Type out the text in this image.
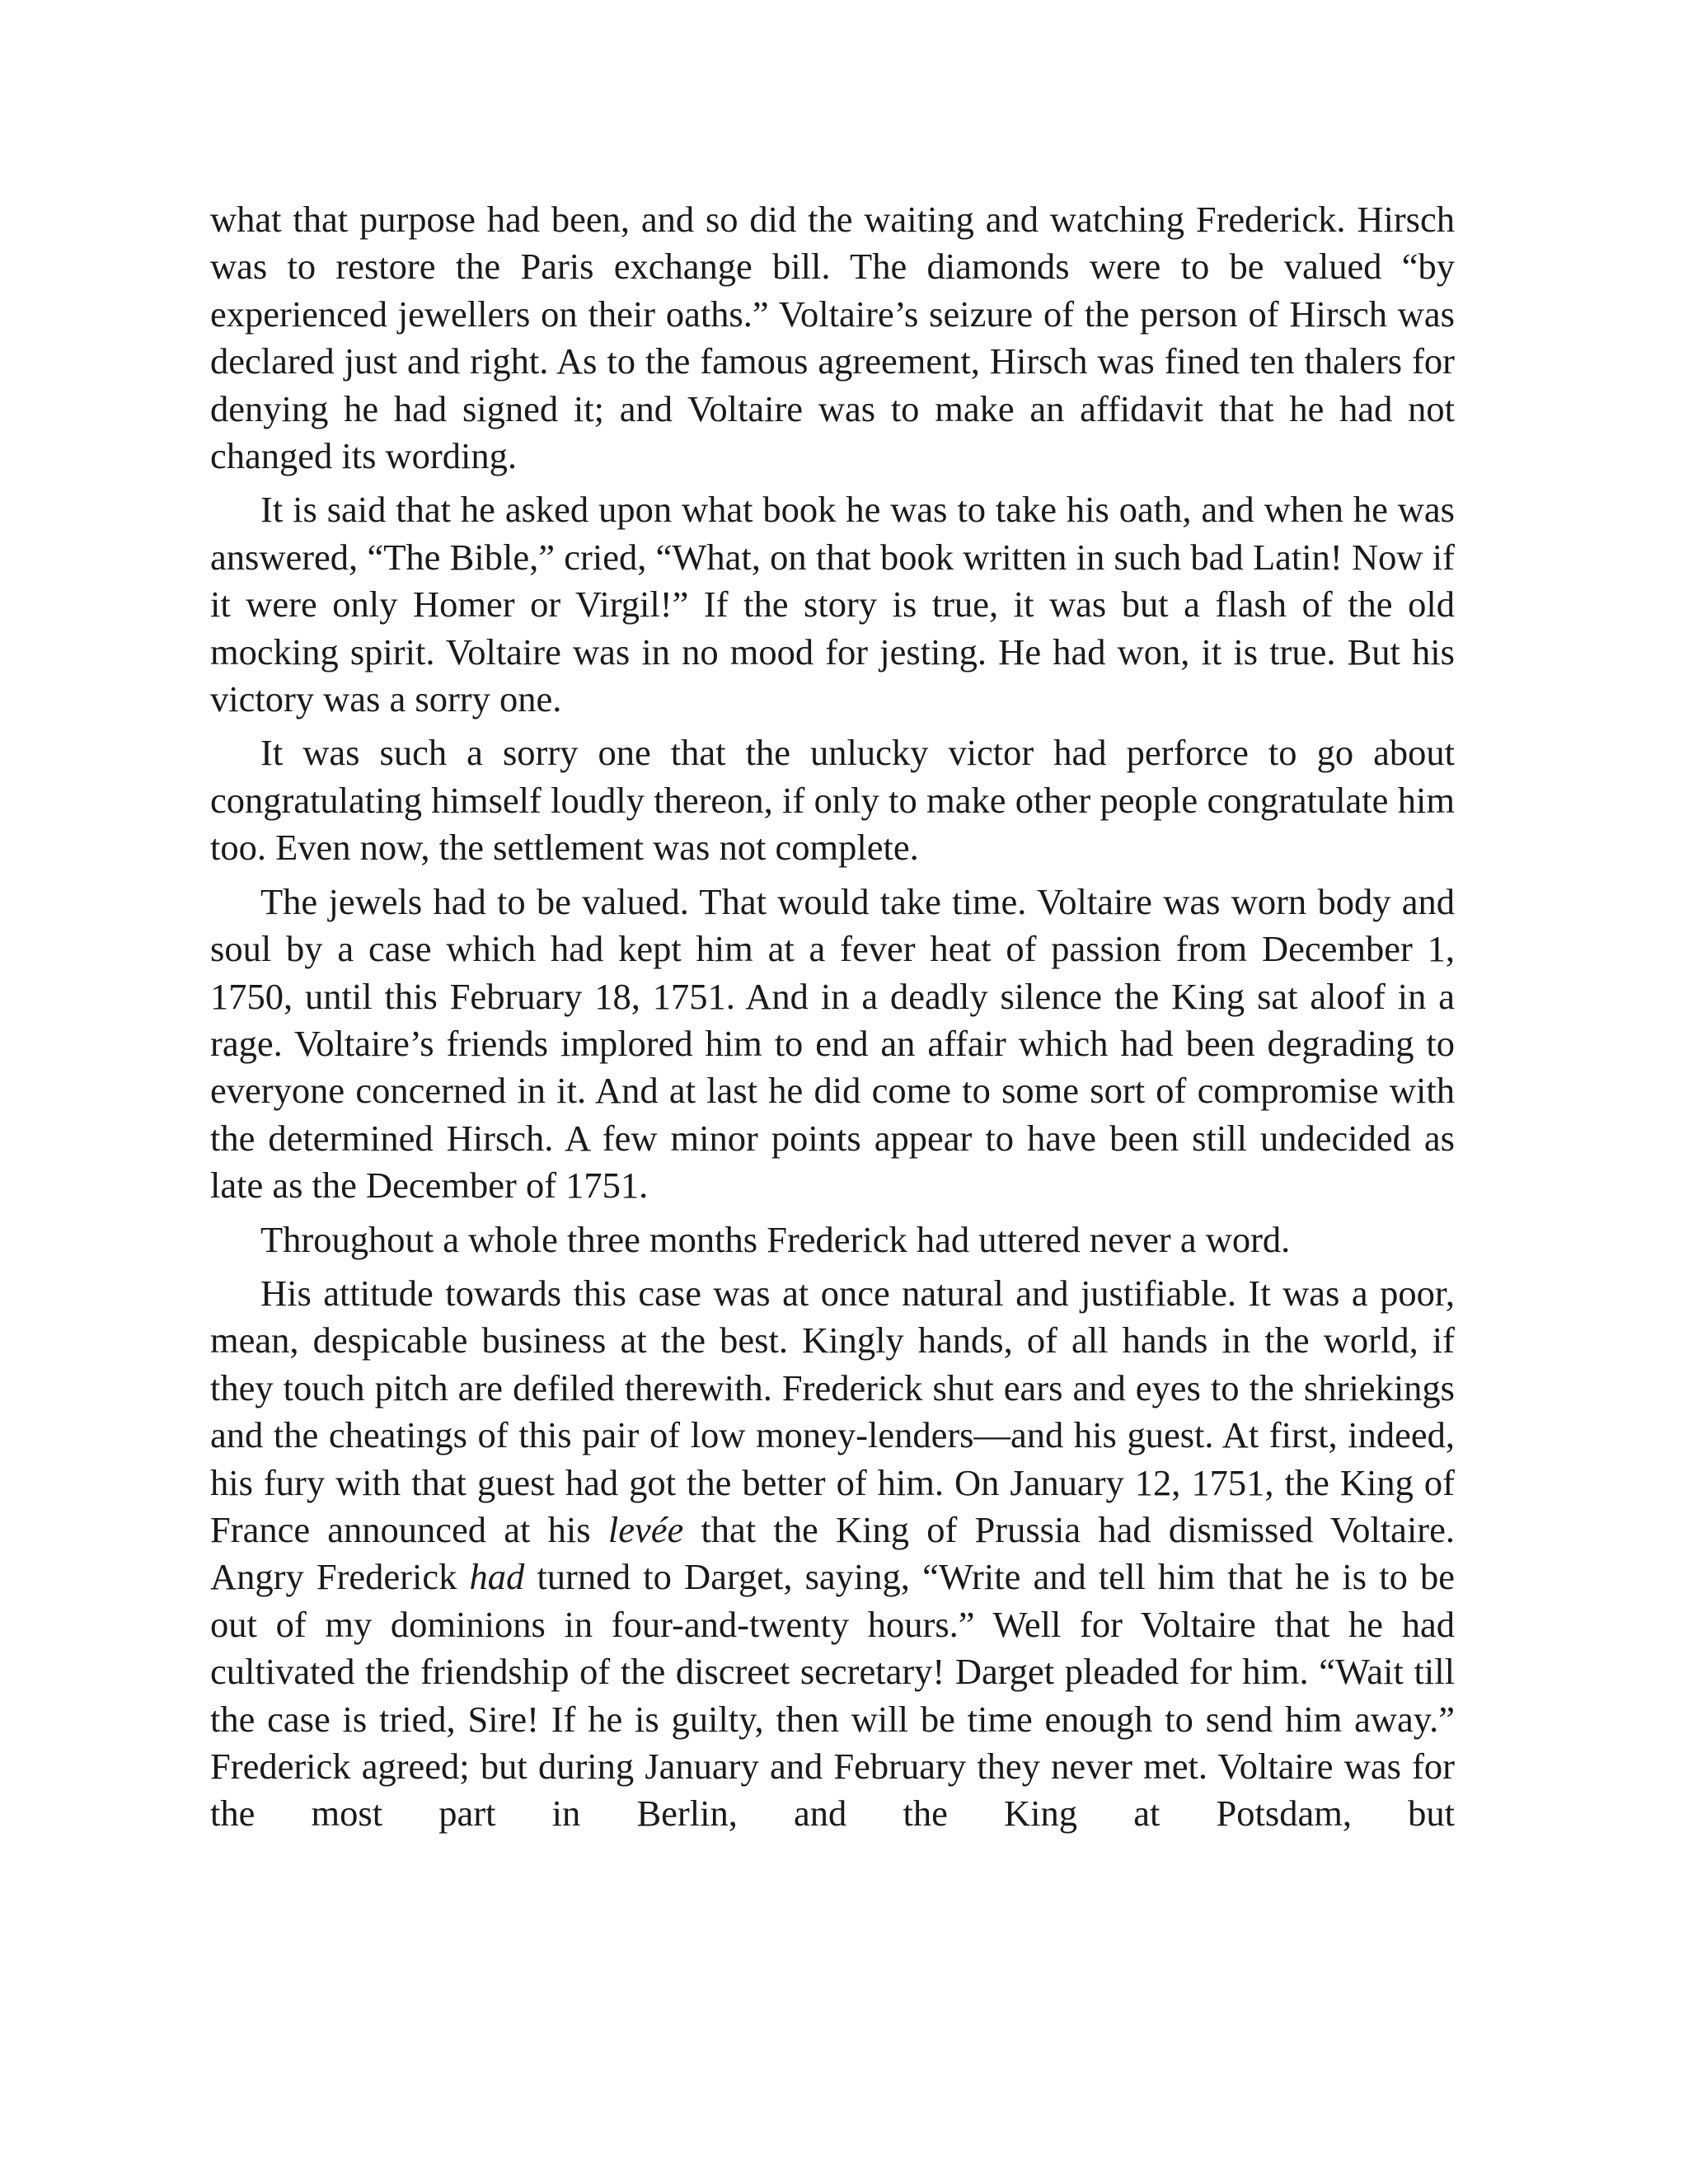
what that purpose had been, and so did the waiting and watching Frederick. Hirsch was to restore the Paris exchange bill. The diamonds were to be valued “by experienced jewellers on their oaths.” Voltaire’s seizure of the person of Hirsch was declared just and right. As to the famous agreement, Hirsch was fined ten thalers for denying he had signed it; and Voltaire was to make an affidavit that he had not changed its wording.

It is said that he asked upon what book he was to take his oath, and when he was answered, “The Bible,” cried, “What, on that book written in such bad Latin! Now if it were only Homer or Virgil!” If the story is true, it was but a flash of the old mocking spirit. Voltaire was in no mood for jesting. He had won, it is true. But his victory was a sorry one.

It was such a sorry one that the unlucky victor had perforce to go about congratulating himself loudly thereon, if only to make other people congratulate him too. Even now, the settlement was not complete.

The jewels had to be valued. That would take time. Voltaire was worn body and soul by a case which had kept him at a fever heat of passion from December 1, 1750, until this February 18, 1751. And in a deadly silence the King sat aloof in a rage. Voltaire’s friends implored him to end an affair which had been degrading to everyone concerned in it. And at last he did come to some sort of compromise with the determined Hirsch. A few minor points appear to have been still undecided as late as the December of 1751.

Throughout a whole three months Frederick had uttered never a word.

His attitude towards this case was at once natural and justifiable. It was a poor, mean, despicable business at the best. Kingly hands, of all hands in the world, if they touch pitch are defiled therewith. Frederick shut ears and eyes to the shriekings and the cheatings of this pair of low money-lenders—and his guest. At first, indeed, his fury with that guest had got the better of him. On January 12, 1751, the King of France announced at his levée that the King of Prussia had dismissed Voltaire. Angry Frederick had turned to Darget, saying, “Write and tell him that he is to be out of my dominions in four-and-twenty hours.” Well for Voltaire that he had cultivated the friendship of the discreet secretary! Darget pleaded for him. “Wait till the case is tried, Sire! If he is guilty, then will be time enough to send him away.” Frederick agreed; but during January and February they never met. Voltaire was for the most part in Berlin, and the King at Potsdam, but
